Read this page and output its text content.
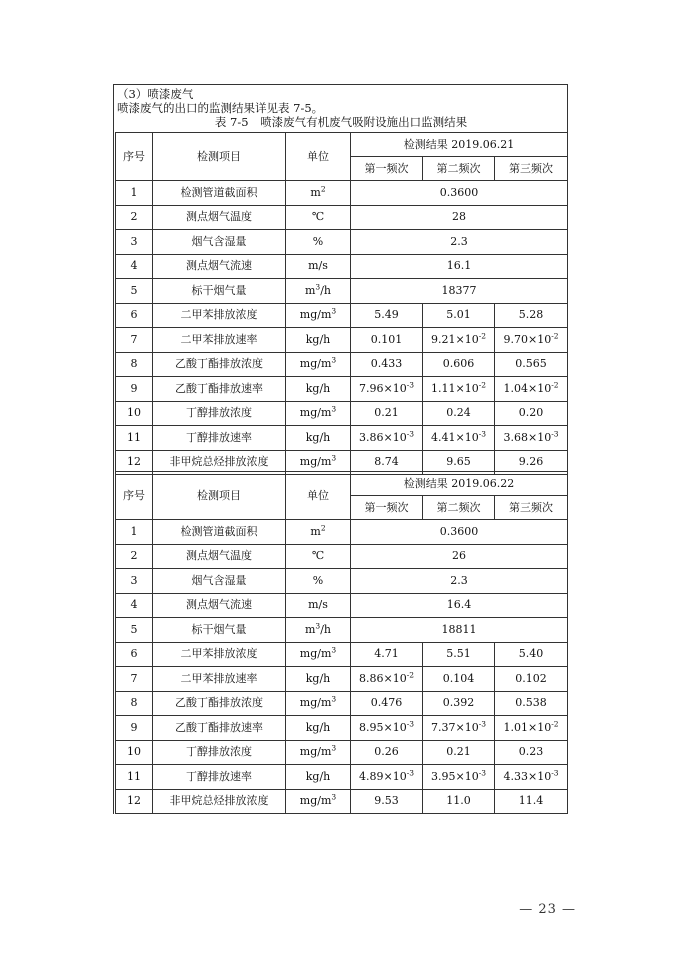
（3）喷漆废气
喷漆废气的出口的监测结果详见表 7-5。
表 7-5　喷漆废气有机废气吸附设施出口监测结果
序号	检测项目	单位	检测结果 2019.06.21		
			第一频次	第二频次	第三频次
1	检测管道截面积	$m^2$	0.3600		
2	测点烟气温度	℃	28		
3	烟气含湿量	%	2.3		
4	测点烟气流速	m/s	16.1		
5	标干烟气量	$m^3/h$	18377		
6	二甲苯排放浓度	$mg/m^3$	5.49	5.01	5.28
7	二甲苯排放速率	kg/h	0.101	$9.21\times 10^{-2}$	$9.70\times 10^{-2}$
8	乙酸丁酯排放浓度	$mg/m^3$	0.433	0.606	0.565
9	乙酸丁酯排放速率	kg/h	$7.96\times 10^{-3}$	$1.11\times 10^{-2}$	$1.04\times 10^{-2}$
10	丁醇排放浓度	$mg/m^3$	0.21	0.24	0.20
11	丁醇排放速率	kg/h	$3.86\times 10^{-3}$	$4.41\times 10^{-3}$	$3.68\times 10^{-3}$
12	非甲烷总烃排放浓度	$mg/m^3$	8.74	9.65	9.26
序号	检测项目	单位	检测结果 2019.06.22		
			第一频次	第二频次	第三频次
1	检测管道截面积	$m^2$	0.3600		
2	测点烟气温度	℃	26		
3	烟气含湿量	%	2.3		
4	测点烟气流速	m/s	16.4		
5	标干烟气量	$m^3/h$	18811		
6	二甲苯排放浓度	$mg/m^3$	4.71	5.51	5.40
7	二甲苯排放速率	kg/h	$8.86\times 10^{-2}$	0.104	0.102
8	乙酸丁酯排放浓度	$mg/m^3$	0.476	0.392	0.538
9	乙酸丁酯排放速率	kg/h	$8.95\times 10^{-3}$	$7.37\times 10^{-3}$	$1.01\times 10^{-2}$
10	丁醇排放浓度	$mg/m^3$	0.26	0.21	0.23
11	丁醇排放速率	kg/h	$4.89\times 10^{-3}$	$3.95\times 10^{-3}$	$4.33\times 10^{-3}$
12	非甲烷总烃排放浓度	$mg/m^3$	9.53	11.0	11.4
— 23 —
